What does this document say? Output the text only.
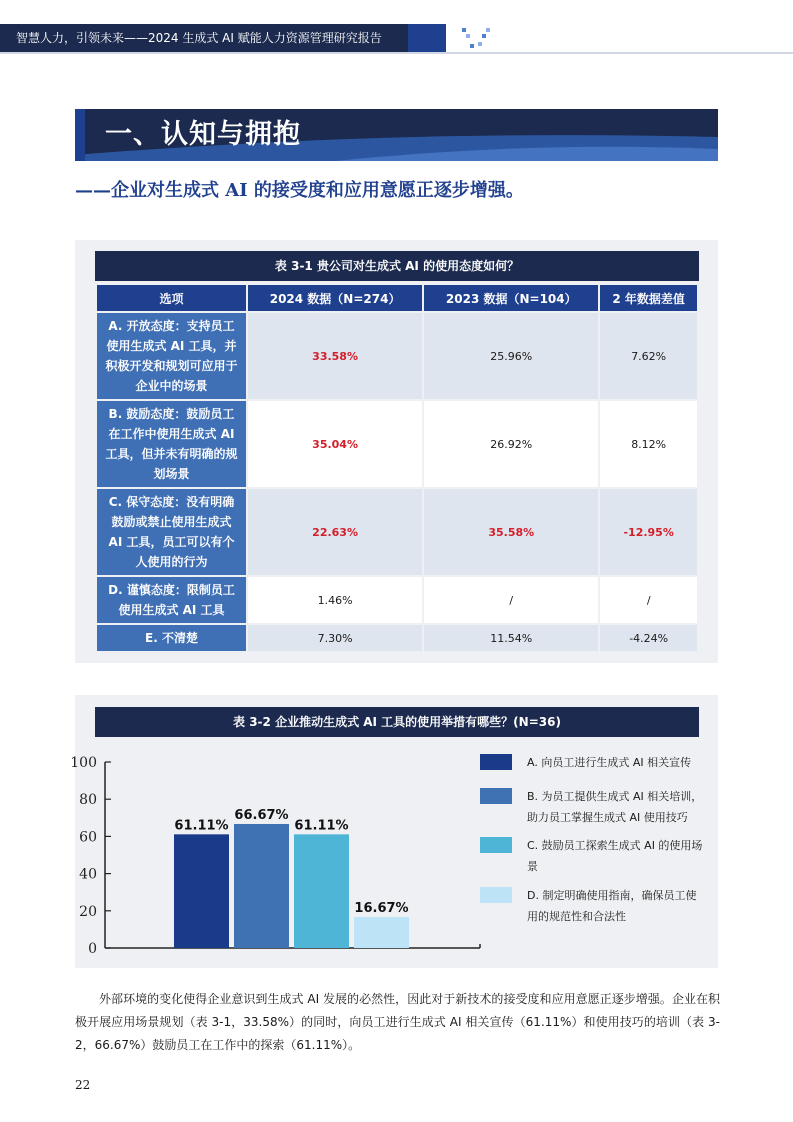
智慧人力，引领未来——2024 生成式 AI 赋能人力资源管理研究报告
一、认知与拥抱
——企业对生成式 AI 的接受度和应用意愿正逐步增强。
表 3-1 贵公司对生成式 AI 的使用态度如何？
选项	2024 数据（N=274）	2023 数据（N=104）	2 年数据差值
A. 开放态度：支持员工使用生成式 AI 工具，并积极开发和规划可应用于企业中的场景	33.58%	25.96%	7.62%
B. 鼓励态度：鼓励员工在工作中使用生成式 AI 工具，但并未有明确的规划场景	35.04%	26.92%	8.12%
C. 保守态度：没有明确鼓励或禁止使用生成式 AI 工具，员工可以有个人使用的行为	22.63%	35.58%	-12.95%
D. 谨慎态度：限制员工使用生成式 AI 工具	1.46%	/	/
E. 不清楚	7.30%	11.54%	-4.24%
表 3-2 企业推动生成式 AI 工具的使用举措有哪些？(N=36)
0
20
40
60
80
100
61.11%
66.67%
61.11%
16.67%
A. 向员工进行生成式 AI 相关宣传
B. 为员工提供生成式 AI 相关培训，助力员工掌握生成式 AI 使用技巧
C. 鼓励员工探索生成式 AI 的使用场景
D. 制定明确使用指南，确保员工使用的规范性和合法性
外部环境的变化使得企业意识到生成式 AI 发展的必然性，因此对于新技术的接受度和应用意愿正逐步增强。企业在积极开展应用场景规划（表 3-1，33.58%）的同时，向员工进行生成式 AI 相关宣传（61.11%）和使用技巧的培训（表 3-2，66.67%）鼓励员工在工作中的探索（61.11%）。
22
